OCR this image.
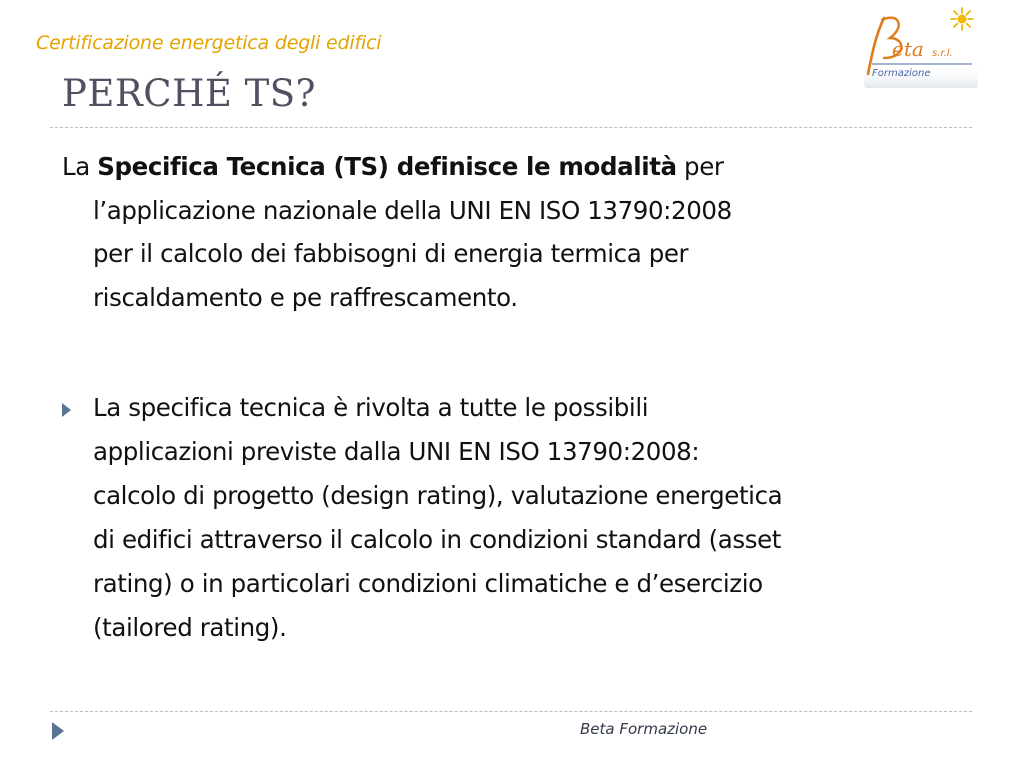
Certificazione energetica degli edifici
PERCHÉ TS?
eta s.r.l.
Formazione
La Specifica Tecnica (TS) definisce le modalità per
l’applicazione nazionale della UNI EN ISO 13790:2008
per il calcolo dei fabbisogni di energia termica per
riscaldamento e pe raffrescamento.
La specifica tecnica è rivolta a tutte le possibili
applicazioni previste dalla UNI EN ISO 13790:2008:
calcolo di progetto (design rating), valutazione energetica
di edifici attraverso il calcolo in condizioni standard (asset
rating) o in particolari condizioni climatiche e d’esercizio
(tailored rating).
Beta Formazione
